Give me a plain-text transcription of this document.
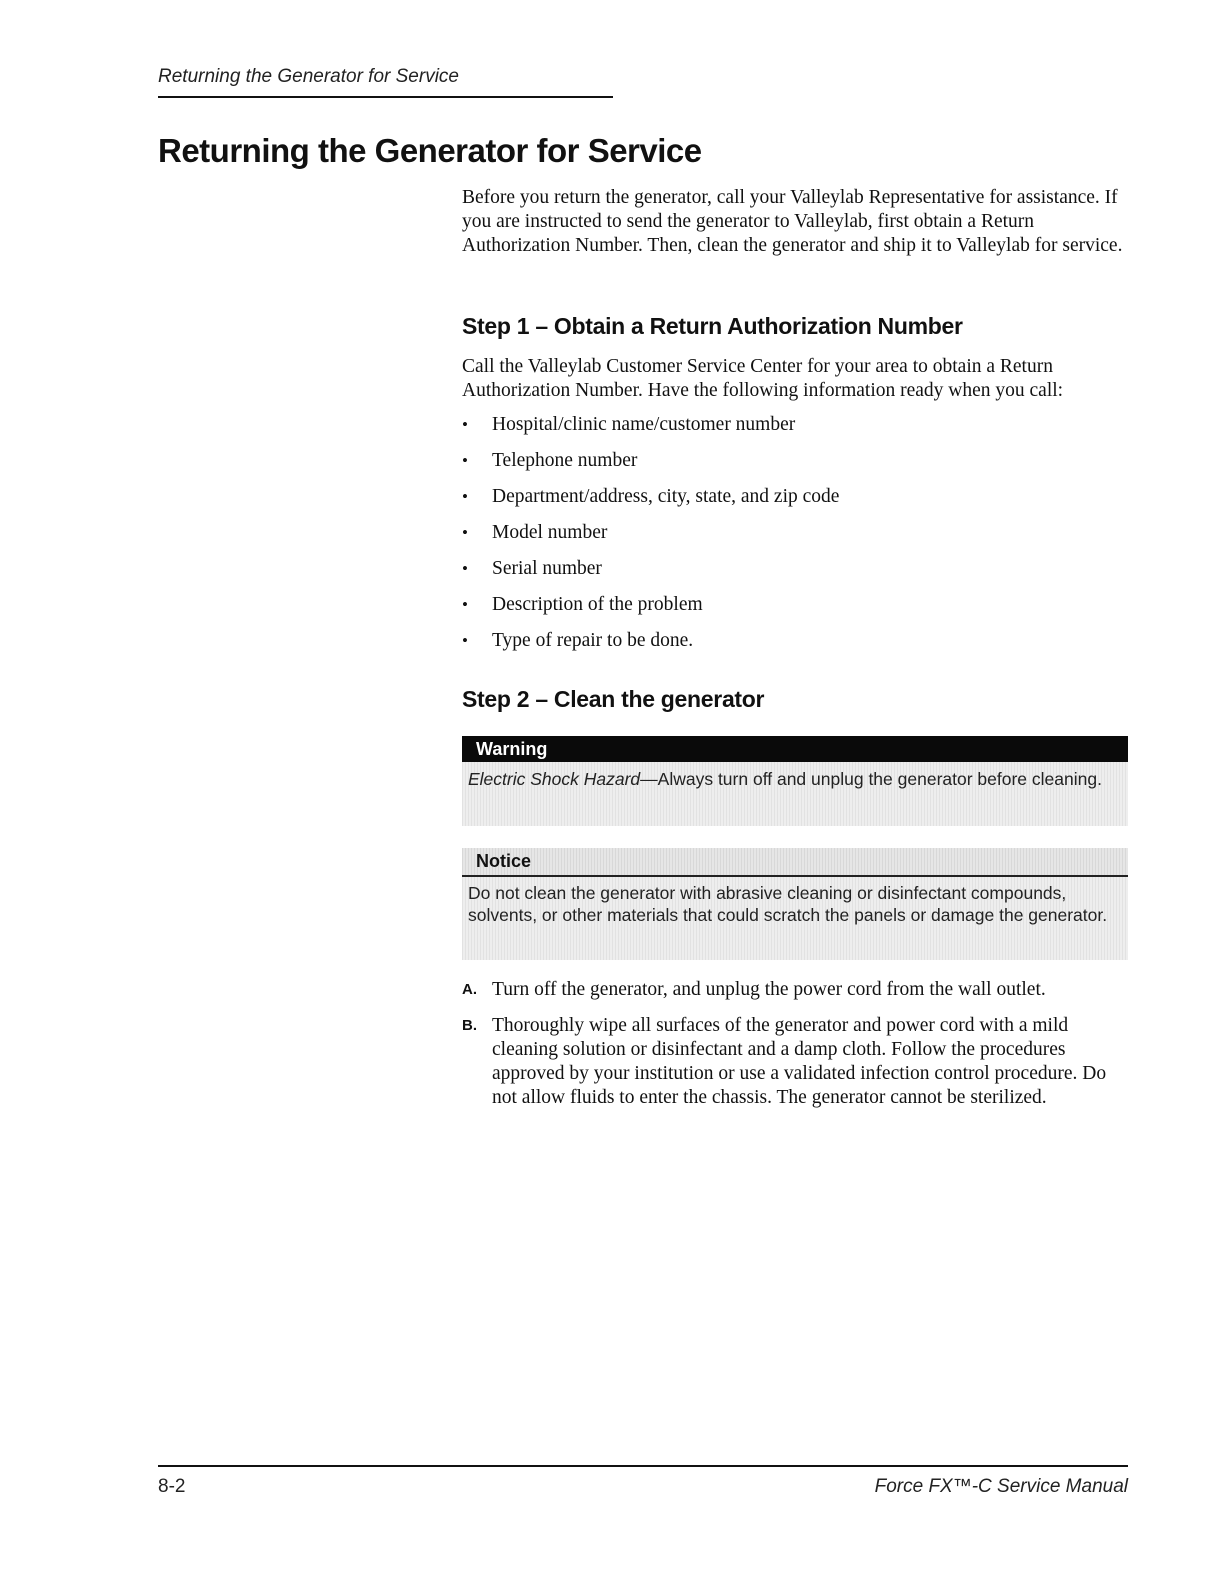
Returning the Generator for Service
Returning the Generator for Service

Before you return the generator, call your Valleylab Representative for assistance. If you are instructed to send the generator to Valleylab, first obtain a Return Authorization Number. Then, clean the generator and ship it to Valleylab for service.

Step 1 – Obtain a Return Authorization Number

Call the Valleylab Customer Service Center for your area to obtain a Return Authorization Number. Have the following information ready when you call:

• Hospital/clinic name/customer number
• Telephone number
• Department/address, city, state, and zip code
• Model number
• Serial number
• Description of the problem
• Type of repair to be done.
Step 2 – Clean the generator
Warning
Electric Shock Hazard—Always turn off and unplug the generator before cleaning.
Notice
Do not clean the generator with abrasive cleaning or disinfectant compounds, solvents, or other materials that could scratch the panels or damage the generator.
A. Turn off the generator, and unplug the power cord from the wall outlet.
B. Thoroughly wipe all surfaces of the generator and power cord with a mild cleaning solution or disinfectant and a damp cloth. Follow the procedures approved by your institution or use a validated infection control procedure. Do not allow fluids to enter the chassis. The generator cannot be sterilized.
8-2	Force FX™-C Service Manual
